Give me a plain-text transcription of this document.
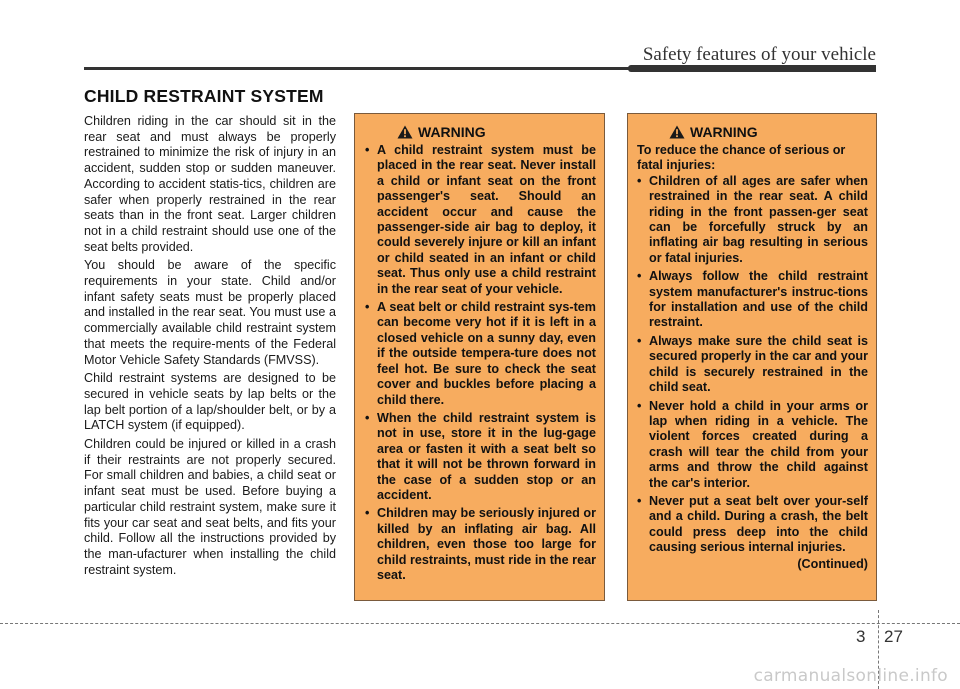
Safety features of your vehicle
CHILD RESTRAINT SYSTEM

Children riding in the car should sit in the rear seat and must always be properly restrained to minimize the risk of injury in an accident, sudden stop or sudden maneuver. According to accident statis-tics, children are safer when properly restrained in the rear seats than in the front seat. Larger children not in a child restraint should use one of the seat belts provided.

You should be aware of the specific requirements in your state. Child and/or infant safety seats must be properly placed and installed in the rear seat. You must use a commercially available child restraint system that meets the require-ments of the Federal Motor Vehicle Safety Standards (FMVSS).

Child restraint systems are designed to be secured in vehicle seats by lap belts or the lap belt portion of a lap/shoulder belt, or by a LATCH system (if equipped).

Children could be injured or killed in a crash if their restraints are not properly secured. For small children and babies, a child seat or infant seat must be used. Before buying a particular child restraint system, make sure it fits your car seat and seat belts, and fits your child. Follow all the instructions provided by the man-ufacturer when installing the child restraint system.

WARNING
• A child restraint system must be placed in the rear seat. Never install a child or infant seat on the front passenger's seat. Should an accident occur and cause the passenger-side air bag to deploy, it could severely injure or kill an infant or child seated in an infant or child seat. Thus only use a child restraint in the rear seat of your vehicle.
• A seat belt or child restraint sys-tem can become very hot if it is left in a closed vehicle on a sunny day, even if the outside tempera-ture does not feel hot. Be sure to check the seat cover and buckles before placing a child there.
• When the child restraint system is not in use, store it in the lug-gage area or fasten it with a seat belt so that it will not be thrown forward in the case of a sudden stop or an accident.
• Children may be seriously injured or killed by an inflating air bag. All children, even those too large for child restraints, must ride in the rear seat.
WARNING

To reduce the chance of serious or fatal injuries:

• Children of all ages are safer when restrained in the rear seat. A child riding in the front passen-ger seat can be forcefully struck by an inflating air bag resulting in serious or fatal injuries.
• Always follow the child restraint system manufacturer's instruc-tions for installation and use of the child restraint.
• Always make sure the child seat is secured properly in the car and your child is securely restrained in the child seat.
• Never hold a child in your arms or lap when riding in a vehicle. The violent forces created during a crash will tear the child from your arms and throw the child against the car's interior.
• Never put a seat belt over your-self and a child. During a crash, the belt could press deep into the child causing serious internal injuries.
(Continued)
3 27
carmanualsonline.info
